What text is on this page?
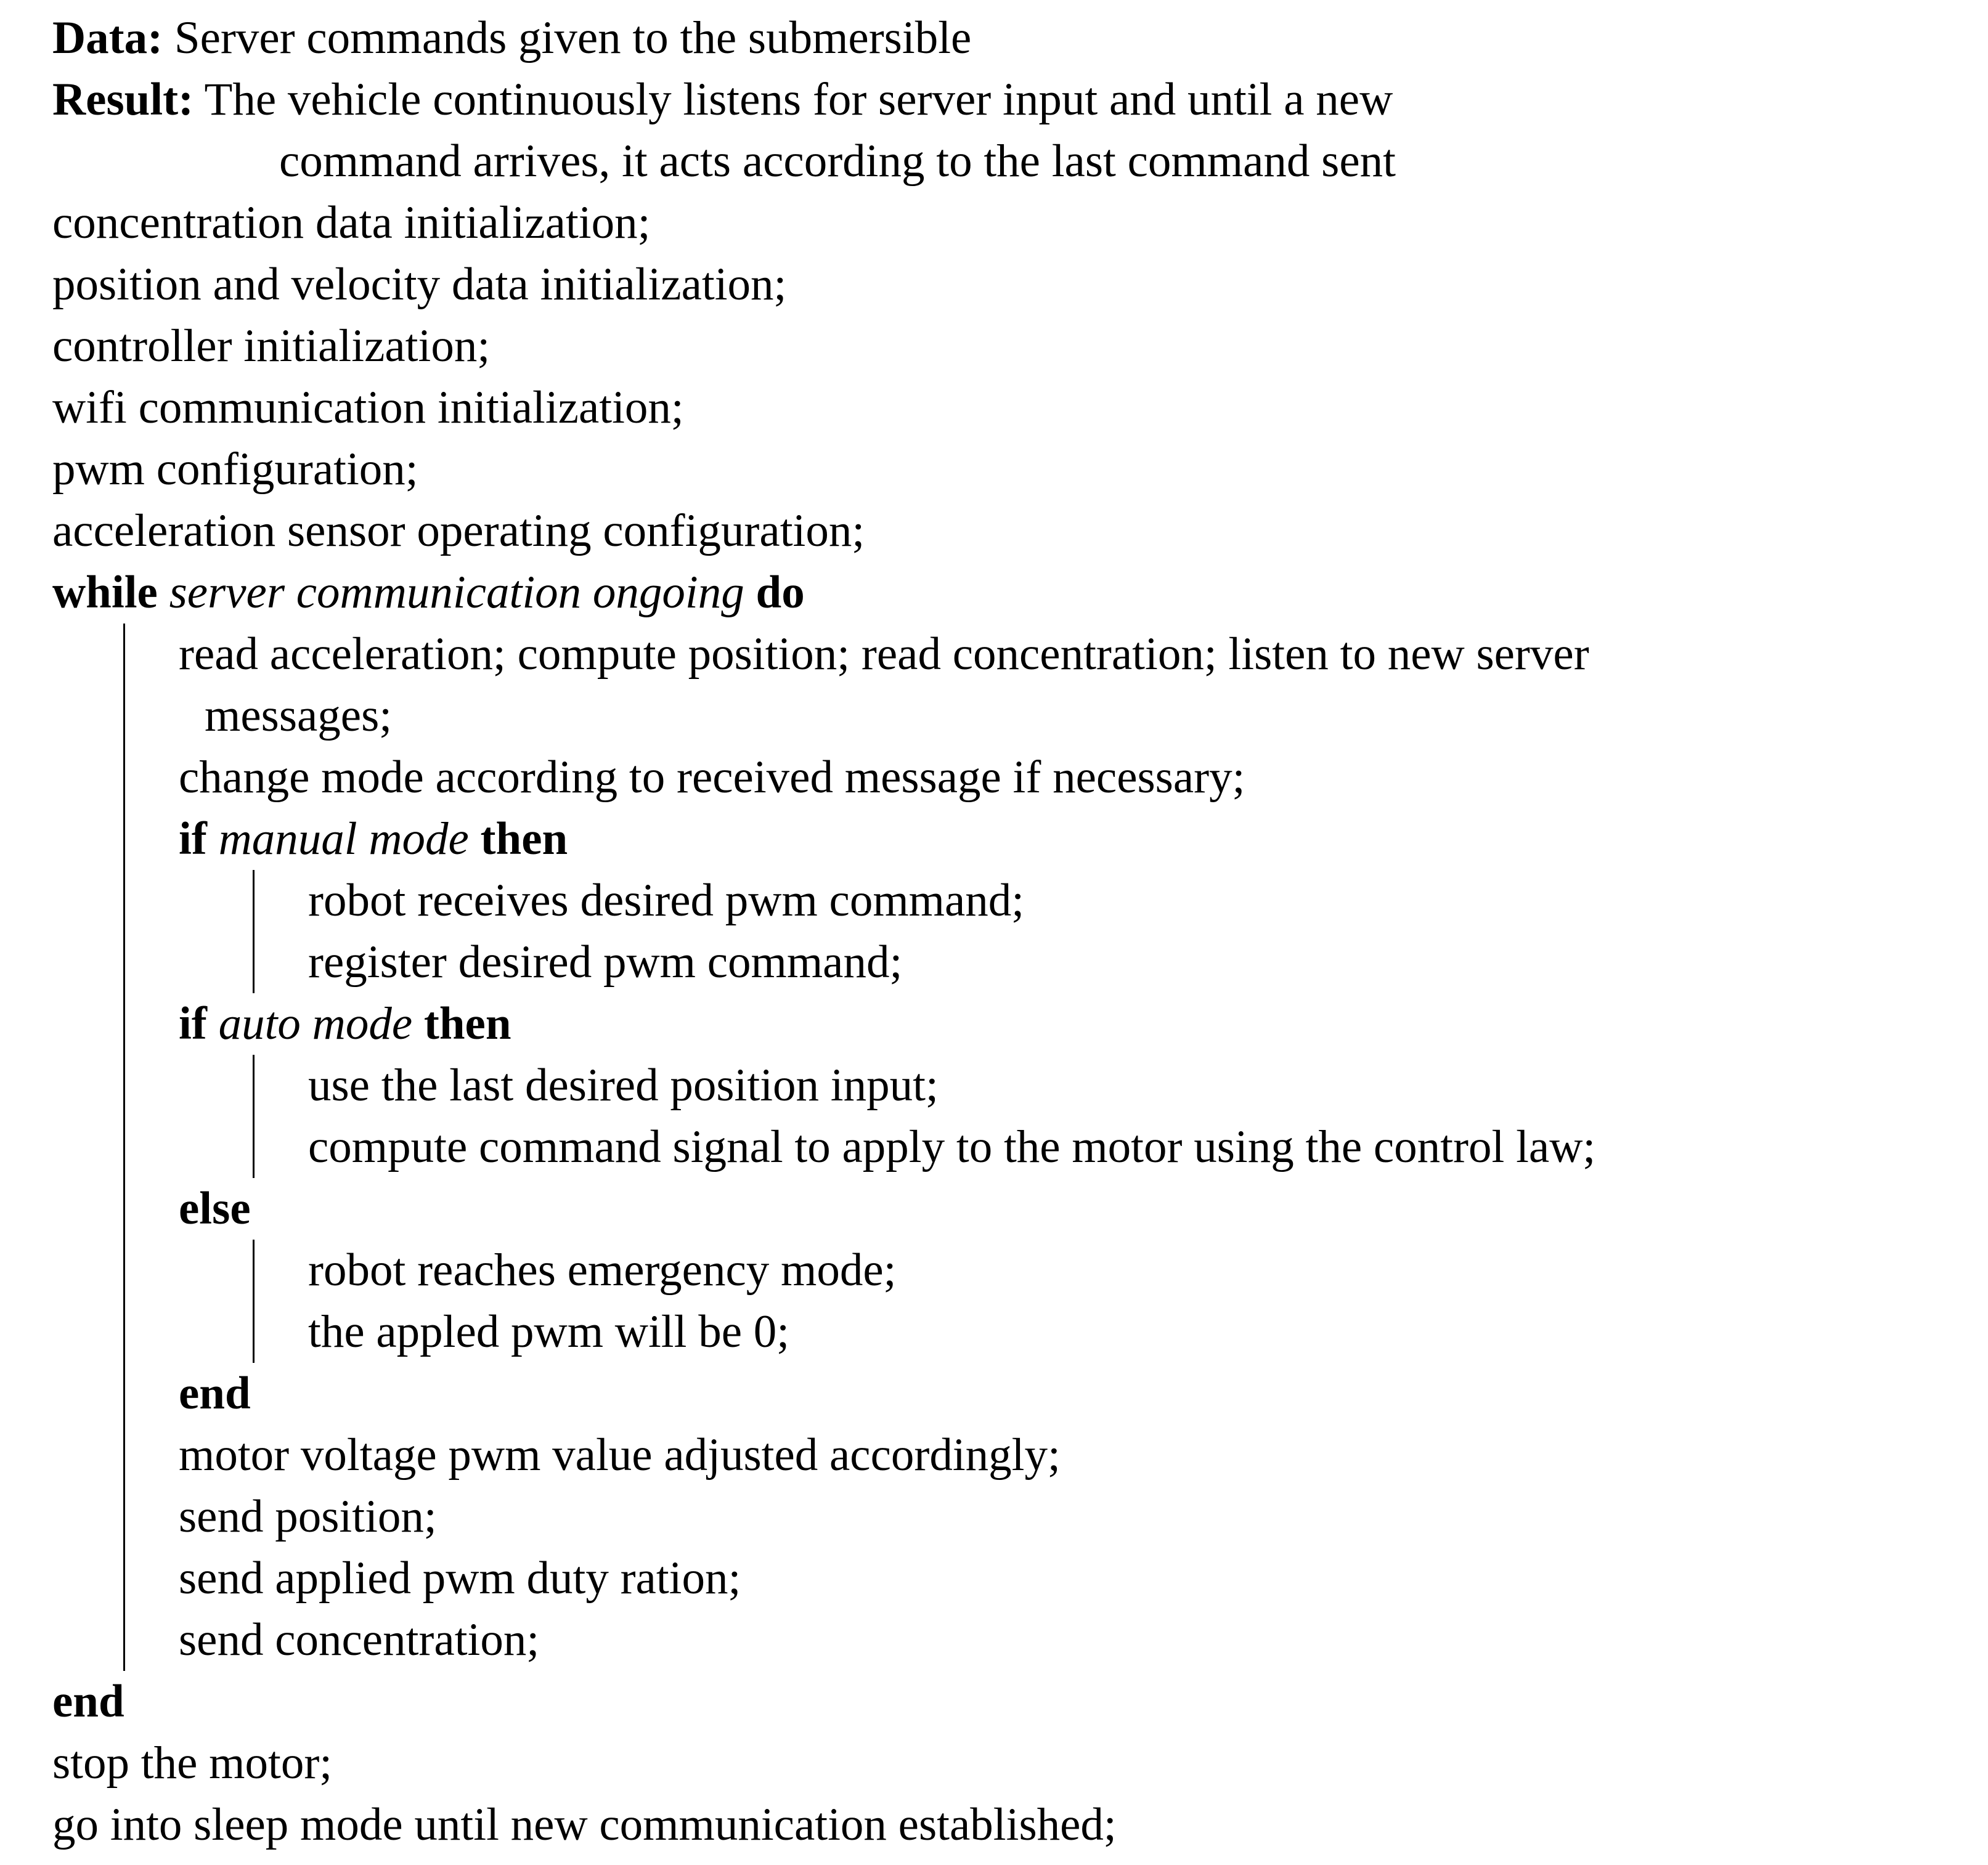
Data: Server commands given to the submersible
Result: The vehicle continuously listens for server input and until a new
command arrives, it acts according to the last command sent
concentration data initialization;
position and velocity data initialization;
controller initialization;
wifi communication initialization;
pwm configuration;
acceleration sensor operating configuration;
while server communication ongoing do
read acceleration; compute position; read concentration; listen to new server
messages;
change mode according to received message if necessary;
if manual mode then
robot receives desired pwm command;
register desired pwm command;
if auto mode then
use the last desired position input;
compute command signal to apply to the motor using the control law;
else
robot reaches emergency mode;
the appled pwm will be 0;
end
motor voltage pwm value adjusted accordingly;
send position;
send applied pwm duty ration;
send concentration;
end
stop the motor;
go into sleep mode until new communication established;
